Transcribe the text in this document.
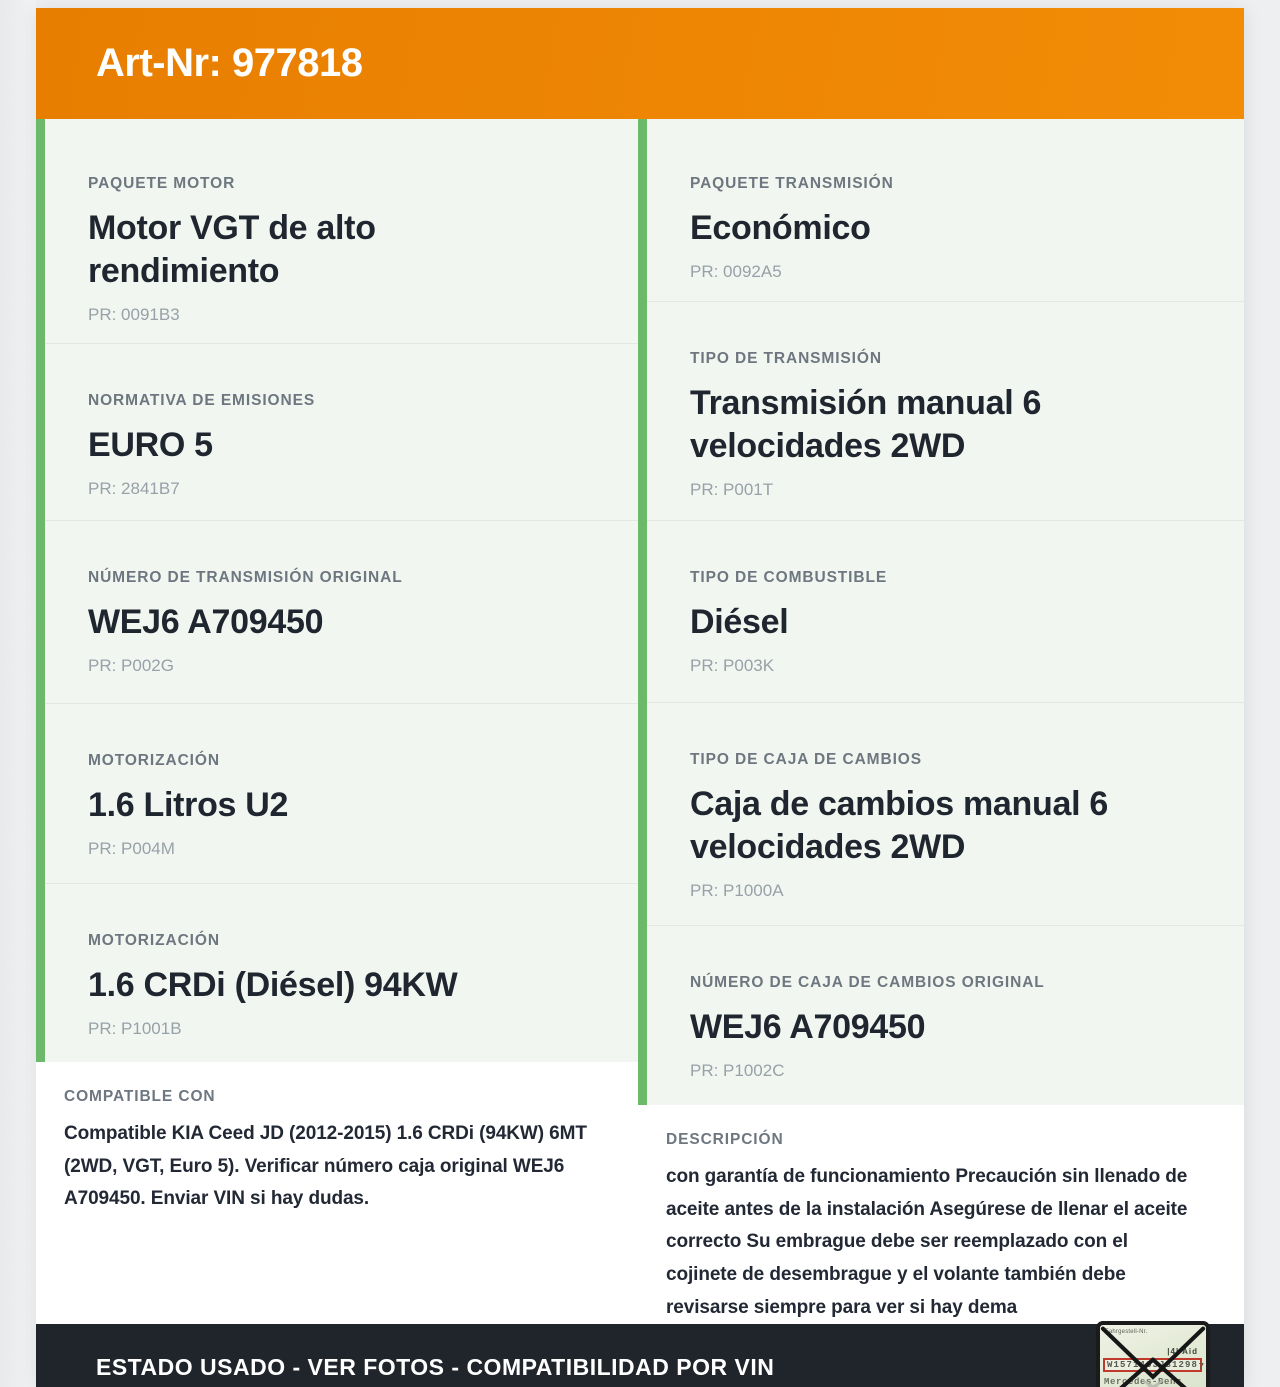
Art-Nr: 977818
PAQUETE MOTOR
Motor VGT de alto rendimiento
PR: 0091B3
NORMATIVA DE EMISIONES
EURO 5
PR: 2841B7
NÚMERO DE TRANSMISIÓN ORIGINAL
WEJ6 A709450
PR: P002G
MOTORIZACIÓN
1.6 Litros U2
PR: P004M
MOTORIZACIÓN
1.6 CRDi (Diésel) 94KW
PR: P1001B
COMPATIBLE CON
Compatible KIA Ceed JD (2012-2015) 1.6 CRDi (94KW) 6MT (2WD, VGT, Euro 5). Verificar número caja original WEJ6 A709450. Enviar VIN si hay dudas.
PAQUETE TRANSMISIÓN
Económico
PR: 0092A5
TIPO DE TRANSMISIÓN
Transmisión manual 6 velocidades 2WD
PR: P001T
TIPO DE COMBUSTIBLE
Diésel
PR: P003K
TIPO DE CAJA DE CAMBIOS
Caja de cambios manual 6 velocidades 2WD
PR: P1000A
NÚMERO DE CAJA DE CAMBIOS ORIGINAL
WEJ6 A709450
PR: P1002C
DESCRIPCIÓN
con garantía de funcionamiento Precaución sin llenado de aceite antes de la instalación Asegúrese de llenar el aceite correcto Su embrague debe ser reemplazado con el cojinete de desembrague y el volante también debe revisarse siempre para ver si hay dema
ESTADO USADO - VER FOTOS - COMPATIBILIDAD POR VIN
Fahrgestell-Nr.
|4| Aid
W1571463J31298 7
Mercedes-Benz
